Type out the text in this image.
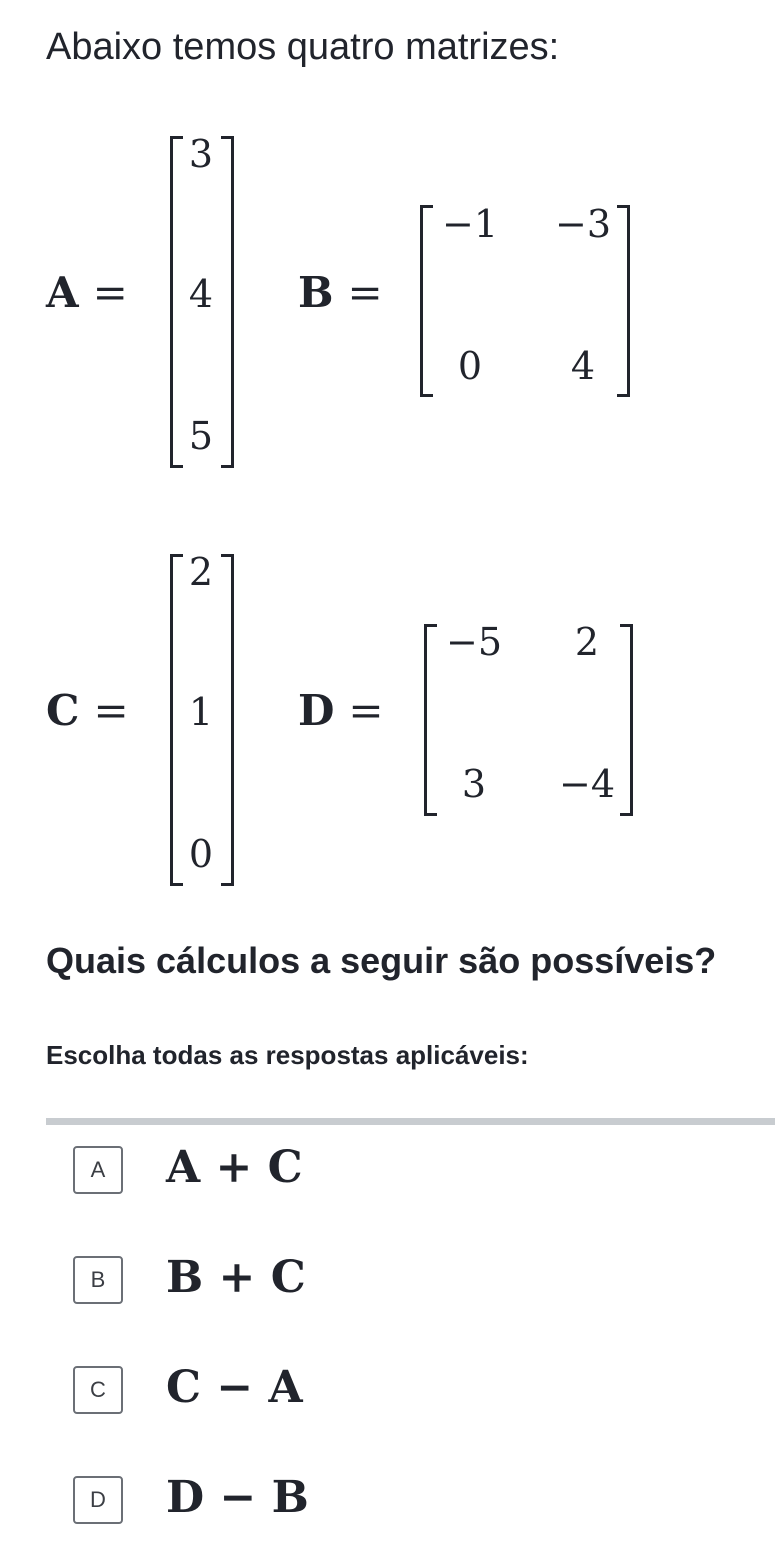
Abaixo temos quatro matrizes:
A =
3
4
5
B =
−1	−3
0	4
C =
2
1
0
D =
−5	2
3	−4
Quais cálculos a seguir são possíveis?
Escolha todas as respostas aplicáveis:
A	A + C
B	B + C
C	C − A
D	D − B
